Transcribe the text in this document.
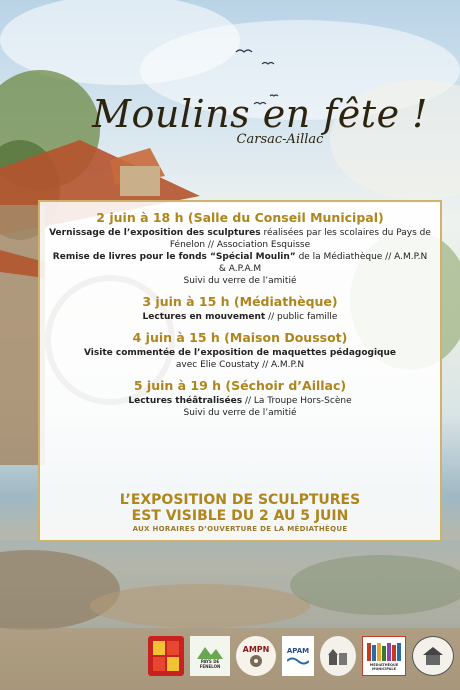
Moulins en fête !
Carsac-Aillac
2 juin à 18 h (Salle du Conseil Municipal)
Vernissage de l’exposition des sculptures réalisées par les scolaires du Pays de Fénelon // Association Esquisse
Remise de livres pour le fonds “Spécial Moulin” de la Médiathèque // A.M.P.N & A.P.A.M
Suivi du verre de l’amitié
3 juin à 15 h (Médiathèque)
Lectures en mouvement // public famille
4 juin à 15 h (Maison Doussot)
Visite commentée de l’exposition de maquettes pédagogique
avec Elie Coustaty // A.M.P.N
5 juin à 19 h (Séchoir d’Aillac)
Lectures théâtralisées // La Troupe Hors-Scène
Suivi du verre de l’amitié
L’EXPOSITION DE SCULPTURES
EST VISIBLE DU 2 AU 5 JUIN
AUX HORAIRES D’OUVERTURE DE LA MÉDIATHÈQUE
PAYS DE FÉNELON
AMPN APAM
MÉDIATHÈQUE MUNICIPALE
